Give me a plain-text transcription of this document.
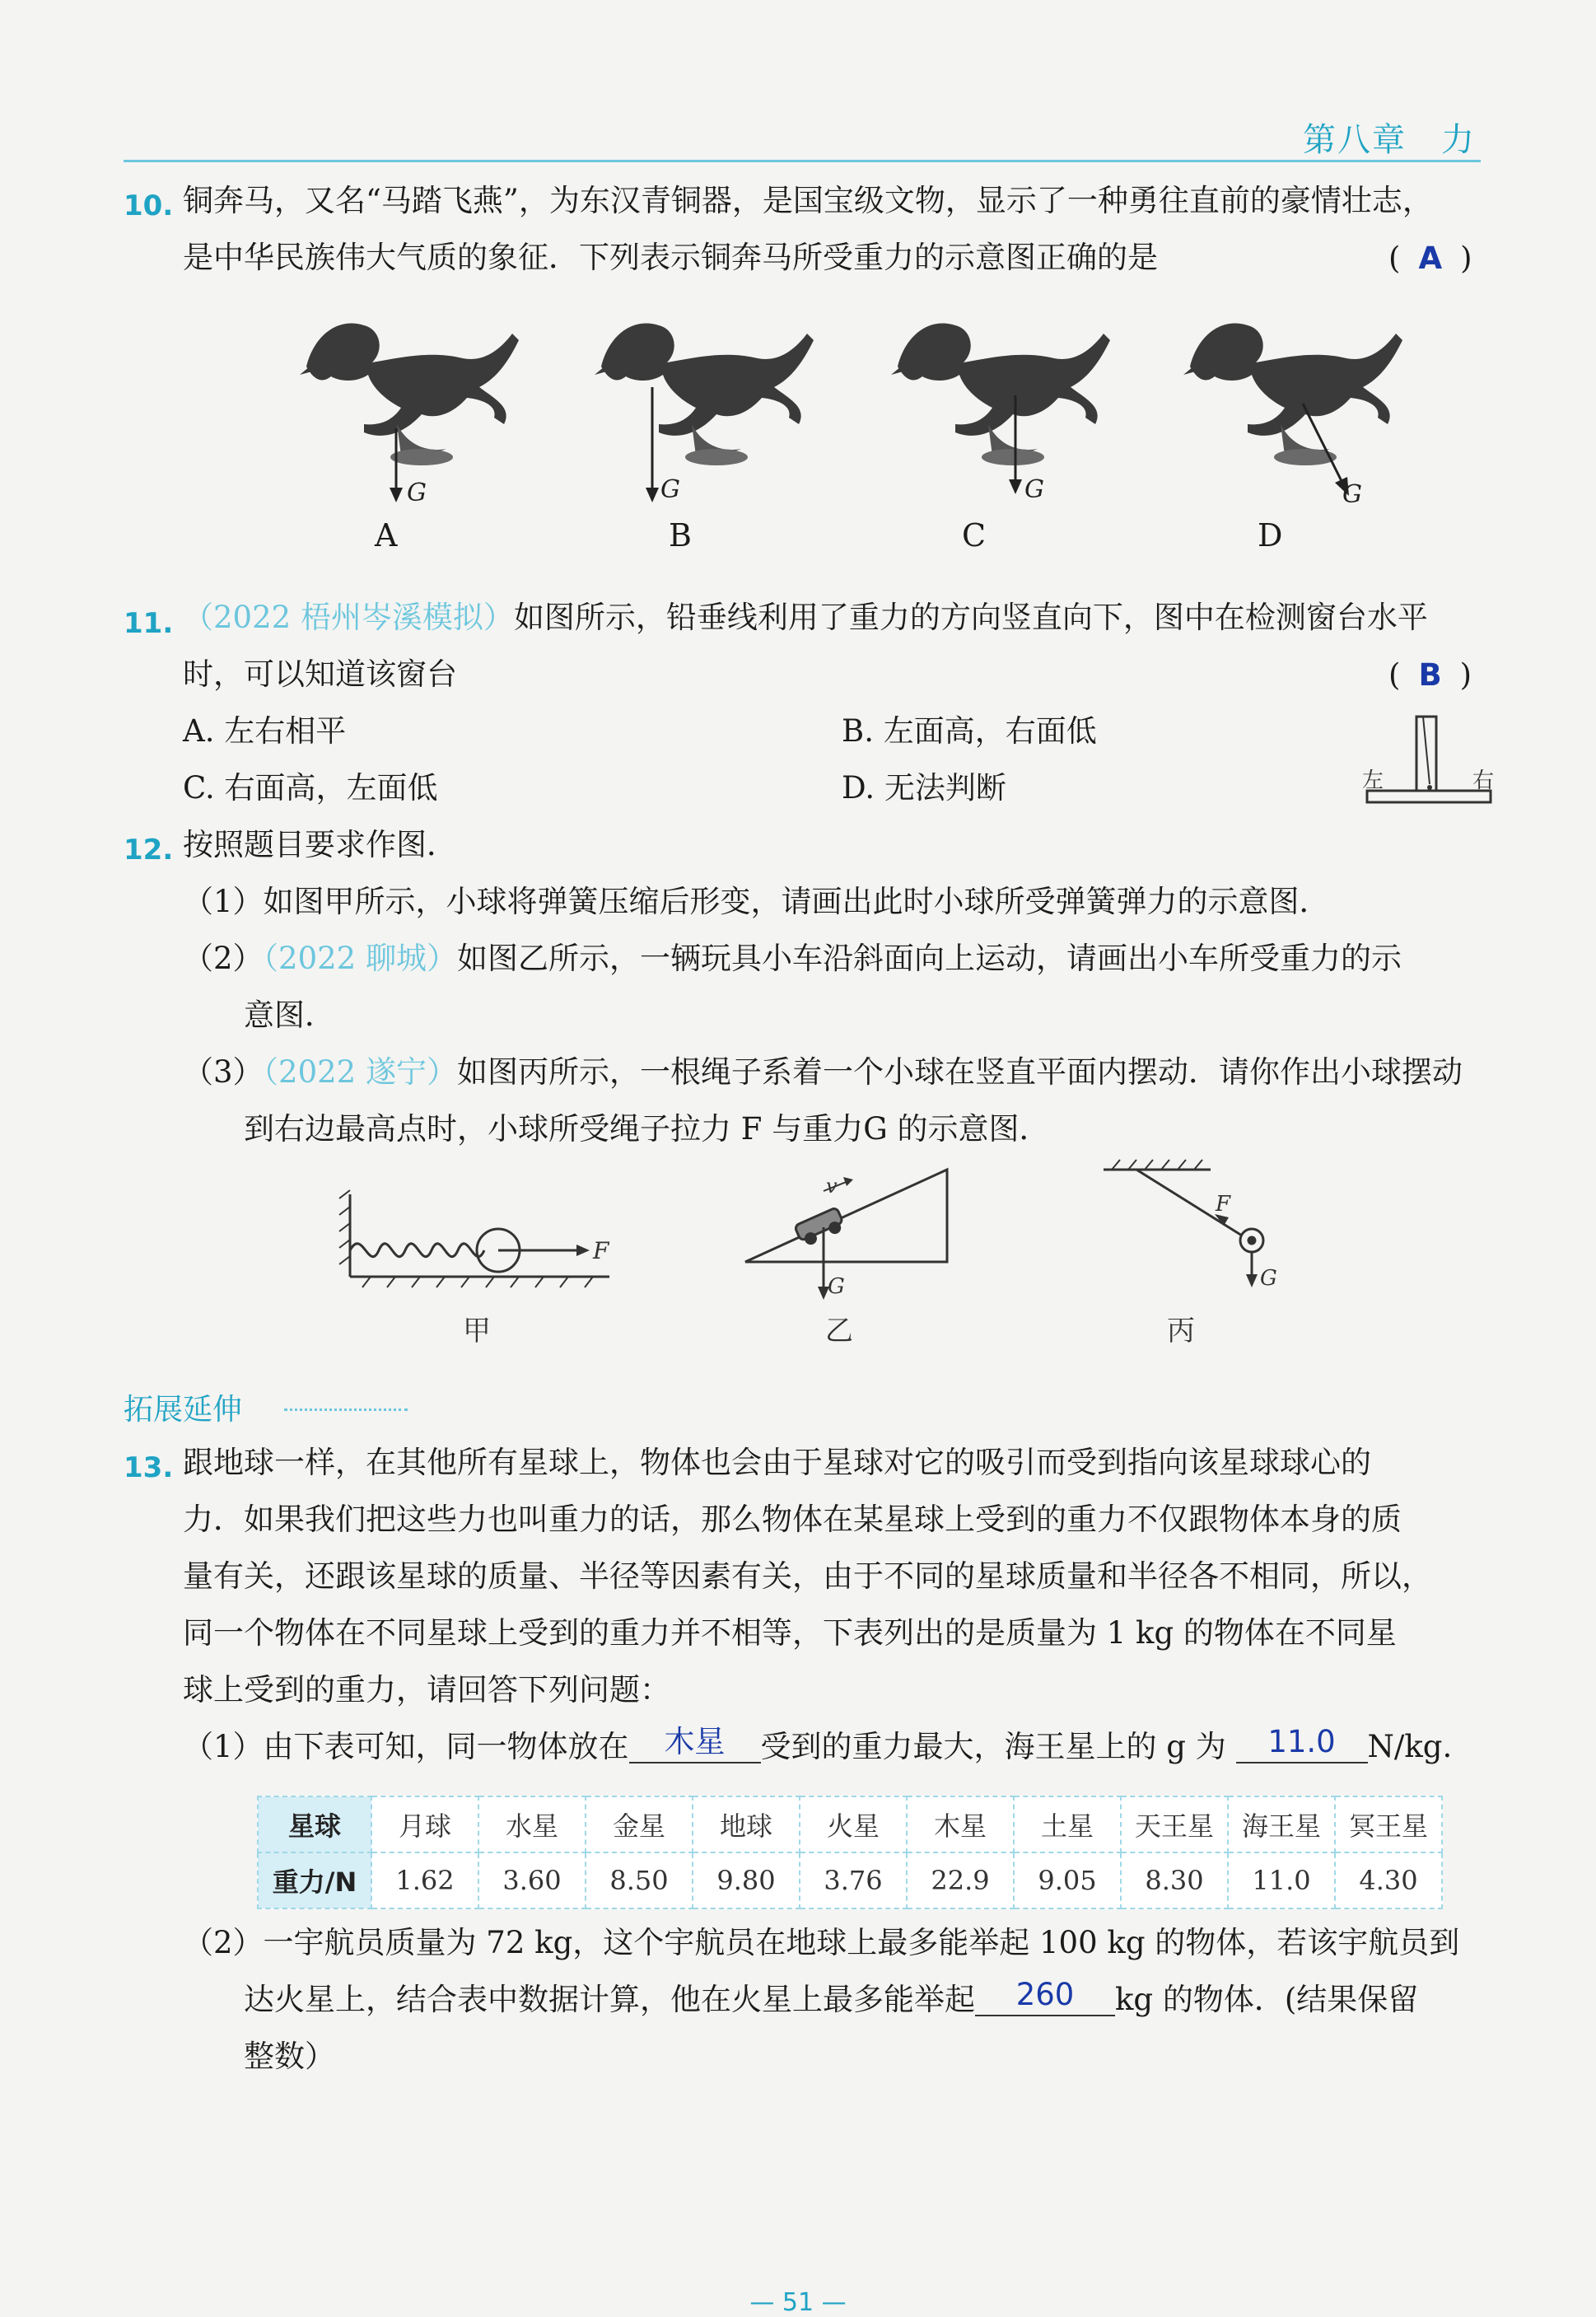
第八章　力
10. 铜奔马，又名“马踏飞燕”，为东汉青铜器，是国宝级文物，显示了一种勇往直前的豪情壮志，
是中华民族伟大气质的象征．下列表示铜奔马所受重力的示意图正确的是	( A )
G	G	G	G
A	B	C	D
11. （2022 梧州岑溪模拟）如图所示，铅垂线利用了重力的方向竖直向下，图中在检测窗台水平
时，可以知道该窗台	( B )
A. 左右相平	B. 左面高，右面低
C. 右面高，左面低	D. 无法判断	左	右
12. 按照题目要求作图．
（1）如图甲所示，小球将弹簧压缩后形变，请画出此时小球所受弹簧弹力的示意图．
（2）（2022 聊城）如图乙所示，一辆玩具小车沿斜面向上运动，请画出小车所受重力的示
意图．
（3）（2022 遂宁）如图丙所示，一根绳子系着一个小球在竖直平面内摆动．请你作出小球摆动
到右边最高点时，小球所受绳子拉力 F 与重力G 的示意图．
F
G
v
F
G
甲	乙	丙
拓展延伸
13. 跟地球一样，在其他所有星球上，物体也会由于星球对它的吸引而受到指向该星球球心的
力．如果我们把这些力也叫重力的话，那么物体在某星球上受到的重力不仅跟物体本身的质
量有关，还跟该星球的质量、半径等因素有关，由于不同的星球质量和半径各不相同，所以，
同一个物体在不同星球上受到的重力并不相等，下表列出的是质量为 1 kg 的物体在不同星
球上受到的重力，请回答下列问题：
（1）由下表可知，同一物体放在 木星 受到的重力最大，海王星上的 g 为 11.0 N/kg.
星球	月球	水星	金星	地球	火星	木星	土星	天王星	海王星	冥王星
重力/N	1.62	3.60	8.50	9.80	3.76	22.9	9.05	8.30	11.0	4.30
（2）一宇航员质量为 72 kg，这个宇航员在地球上最多能举起 100 kg 的物体，若该宇航员到
达火星上，结合表中数据计算，他在火星上最多能举起 260 kg 的物体．(结果保留
整数）
— 51 —
